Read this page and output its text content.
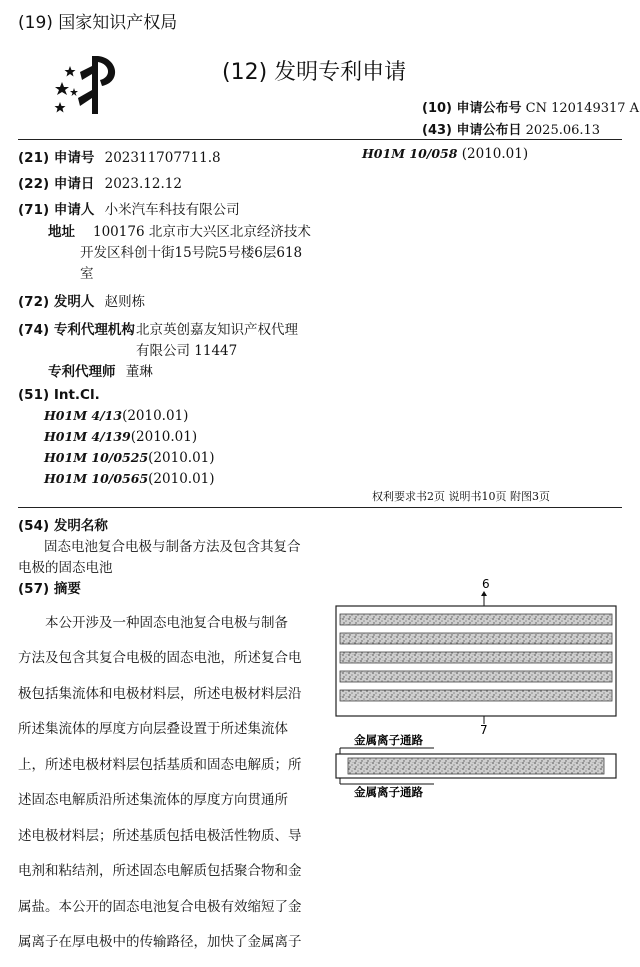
(19) 国家知识产权局
(12) 发明专利申请
(10) 申请公布号 CN 120149317 A
(43) 申请公布日 2025.06.13
(21) 申请号 202311707711.8	H01M 10/058 (2010.01)
(22) 申请日 2023.12.12
(71) 申请人 小米汽车科技有限公司
地址 100176 北京市大兴区北京经济技术
开发区科创十街15号院5号楼6层618
室
(72) 发明人 赵则栋
(74) 专利代理机构 北京英创嘉友知识产权代理
有限公司 11447
专利代理师 董琳
(51) Int.Cl.
H01M 4/13(2010.01)
H01M 4/139(2010.01)
H01M 10/0525(2010.01)
H01M 10/0565(2010.01)
权利要求书2页 说明书10页 附图3页
(54) 发明名称
固态电池复合电极与制备方法及包含其复合
电极的固态电池
(57) 摘要

本公开涉及一种固态电池复合电极与制备

方法及包含其复合电极的固态电池，所述复合电

极包括集流体和电极材料层，所述电极材料层沿

所述集流体的厚度方向层叠设置于所述集流体

上，所述电极材料层包括基质和固态电解质；所

述固态电解质沿所述集流体的厚度方向贯通所

述电极材料层；所述基质包括电极活性物质、导

电剂和粘结剂，所述固态电解质包括聚合物和金

属盐。本公开的固态电池复合电极有效缩短了金

属离子在厚电极中的传输路径，加快了金属离子

6
7
金属离子通路
金属离子通路
